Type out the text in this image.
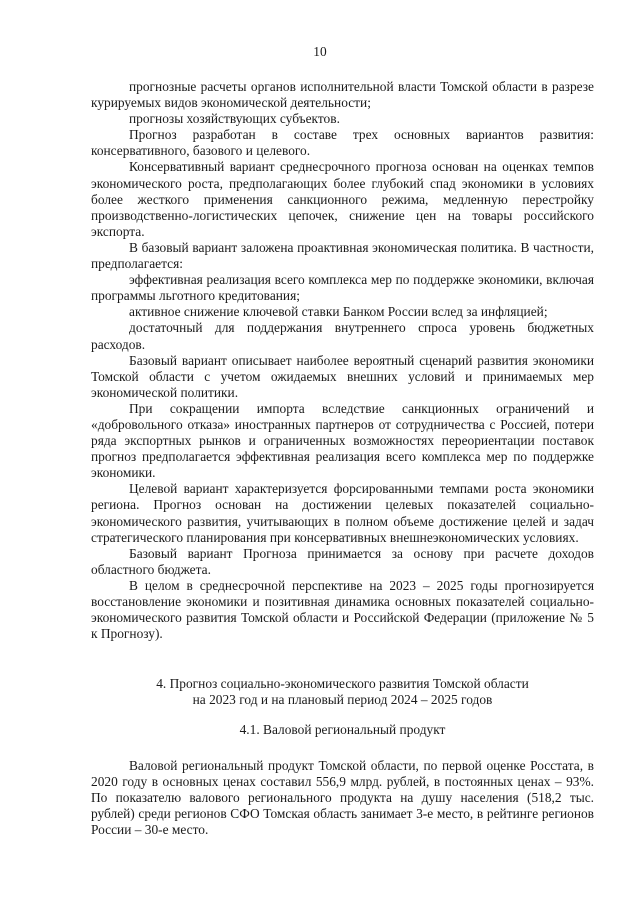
10

прогнозные расчеты органов исполнительной власти Томской области в разрезе курируемых видов экономической деятельности;

прогнозы хозяйствующих субъектов.

Прогноз разработан в составе трех основных вариантов развития: консервативного, базового и целевого.

Консервативный вариант среднесрочного прогноза основан на оценках темпов экономического роста, предполагающих более глубокий спад экономики в условиях более жесткого применения санкционного режима, медленную перестройку производственно-логистических цепочек, снижение цен на товары российского экспорта.

В базовый вариант заложена проактивная экономическая политика. В частности, предполагается:

эффективная реализация всего комплекса мер по поддержке экономики, включая программы льготного кредитования;

активное снижение ключевой ставки Банком России вслед за инфляцией;

достаточный для поддержания внутреннего спроса уровень бюджетных расходов.

Базовый вариант описывает наиболее вероятный сценарий развития экономики Томской области с учетом ожидаемых внешних условий и принимаемых мер экономической политики.

При сокращении импорта вследствие санкционных ограничений и «добровольного отказа» иностранных партнеров от сотрудничества с Россией, потери ряда экспортных рынков и ограниченных возможностях переориентации поставок прогноз предполагается эффективная реализация всего комплекса мер по поддержке экономики.

Целевой вариант характеризуется форсированными темпами роста экономики региона. Прогноз основан на достижении целевых показателей социально-экономического развития, учитывающих в полном объеме достижение целей и задач стратегического планирования при консервативных внешнеэкономических условиях.

Базовый вариант Прогноза принимается за основу при расчете доходов областного бюджета.

В целом в среднесрочной перспективе на 2023 – 2025 годы прогнозируется восстановление экономики и позитивная динамика основных показателей социально-экономического развития Томской области и Российской Федерации (приложение № 5 к Прогнозу).

4. Прогноз социально-экономического развития Томской области

на 2023 год и на плановый период 2024 – 2025 годов

4.1. Валовой региональный продукт

Валовой региональный продукт Томской области, по первой оценке Росстата, в 2020 году в основных ценах составил 556,9 млрд. рублей, в постоянных ценах – 93%. По показателю валового регионального продукта на душу населения (518,2 тыс. рублей) среди регионов СФО Томская область занимает 3-е место, в рейтинге регионов России – 30-е место.
